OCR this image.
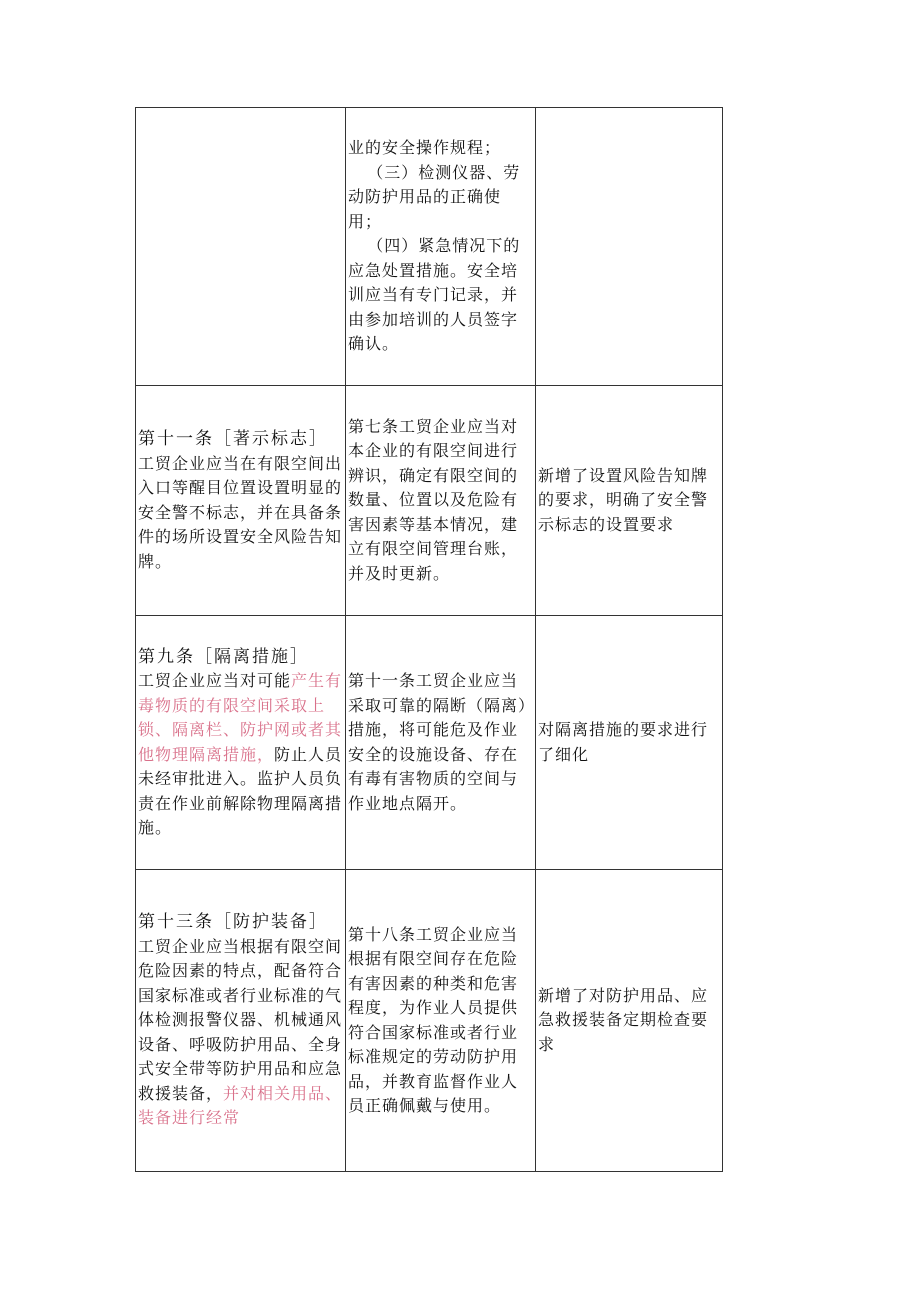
	业的安全操作规程；

（三）检测仪器、劳动防护用品的正确使用；

（四）紧急情况下的应急处置措施。安全培训应当有专门记录，并由参加培训的人员签字确认。	

第十一条［著示标志］
工贸企业应当在有限空间出入口等醒目位置设置明显的安全警不标志，并在具备条件的场所设置安全风险告知牌。	第七条工贸企业应当对本企业的有限空间进行辨识，确定有限空间的数量、位置以及危险有害因素等基本情况，建立有限空间管理台账，并及时更新。	新增了设置风险告知牌的要求，明确了安全警示标志的设置要求

第九条［隔离措施］
工贸企业应当对可能产生有毒物质的有限空间采取上锁、隔离栏、防护网或者其他物理隔离措施，防止人员未经审批进入。监护人员负责在作业前解除物理隔离措施。	第十一条工贸企业应当采取可靠的隔断（隔离）措施，将可能危及作业安全的设施设备、存在有毒有害物质的空间与作业地点隔开。	对隔离措施的要求进行了细化

第十三条［防护装备］
工贸企业应当根据有限空间危险因素的特点，配备符合国家标准或者行业标准的气体检测报警仪器、机械通风设备、呼吸防护用品、全身式安全带等防护用品和应急救援装备，并对相关用品、装备进行经常	第十八条工贸企业应当根据有限空间存在危险有害因素的种类和危害程度，为作业人员提供符合国家标准或者行业标准规定的劳动防护用品，并教育监督作业人员正确佩戴与使用。	新增了对防护用品、应急救援装备定期检查要求
